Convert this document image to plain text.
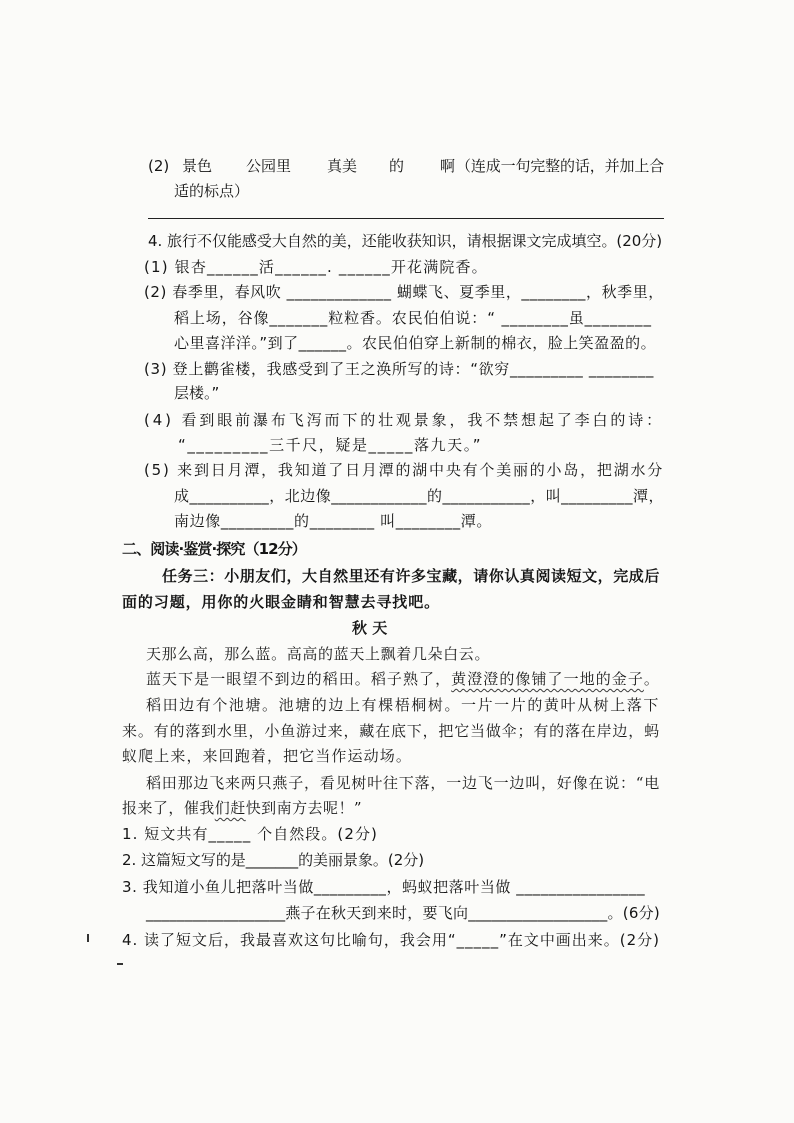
(2) 景色 公园里 真美 的 啊 （连成一句完整的话，并加上合
适的标点）
4. 旅行不仅能感受大自然的美，还能收获知识，请根据课文完成填空。(20分)
(1) 银杏______活______. ______开花满院香。
(2) 春季里，春风吹 _____________ 蝴蝶飞、夏季里，________，秋季里，
稻上场，谷像_______粒粒香。农民伯伯说：“ ________虽________
心里喜洋洋。”到了______。农民伯伯穿上新制的棉衣，脸上笑盈盈的。
(3) 登上鹳雀楼，我感受到了王之涣所写的诗：“欲穷_________ ________
层楼。”
(4) 看到眼前瀑布飞泻而下的壮观景象，我不禁想起了李白的诗：
“_________三千尺，疑是_____落九天。”
(5) 来到日月潭，我知道了日月潭的湖中央有个美丽的小岛，把湖水分
成__________，北边像____________的___________，叫_________潭，
南边像_________的________ 叫________潭。
二、阅读·鉴赏·探究（12分）
任务三：小朋友们，大自然里还有许多宝藏，请你认真阅读短文，完成后
面的习题，用你的火眼金睛和智慧去寻找吧。
秋 天
天那么高，那么蓝。高高的蓝天上飘着几朵白云。
蓝天下是一眼望不到边的稻田。稻子熟了，黄澄澄的像铺了一地的金子。
稻田边有个池塘。池塘的边上有棵梧桐树。一片一片的黄叶从树上落下
来。有的落到水里，小鱼游过来，藏在底下，把它当做伞；有的落在岸边，蚂
蚁爬上来，来回跑着，把它当作运动场。
稻田那边飞来两只燕子，看见树叶往下落，一边飞一边叫，好像在说：“电
报来了，催我们赶快到南方去呢！”
1. 短文共有_____ 个自然段。(2分)
2. 这篇短文写的是_______的美丽景象。(2分)
3. 我知道小鱼儿把落叶当做_________，蚂蚁把落叶当做 ________________
__________________燕子在秋天到来时，要飞向__________________。(6分)
4. 读了短文后，我最喜欢这句比喻句，我会用“_____”在文中画出来。(2分)
